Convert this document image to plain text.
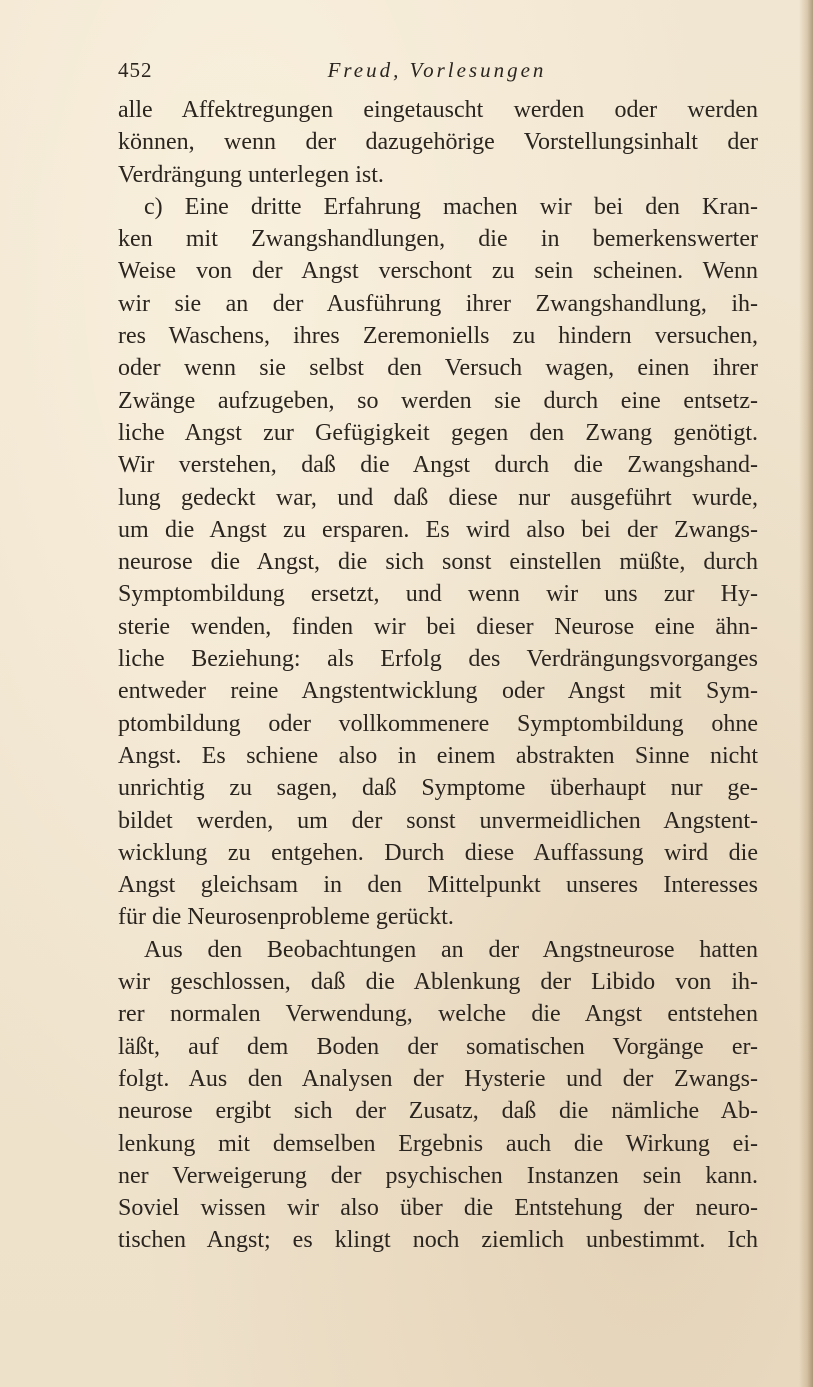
452	Freud, Vorlesungen
alle Affektregungen eingetauscht werden oder werden
können, wenn der dazugehörige Vorstellungsinhalt der
Verdrängung unterlegen ist.
c) Eine dritte Erfahrung machen wir bei den Kran-
ken mit Zwangshandlungen, die in bemerkenswerter
Weise von der Angst verschont zu sein scheinen. Wenn
wir sie an der Ausführung ihrer Zwangshandlung, ih-
res Waschens, ihres Zeremoniells zu hindern versuchen,
oder wenn sie selbst den Versuch wagen, einen ihrer
Zwänge aufzugeben, so werden sie durch eine entsetz-
liche Angst zur Gefügigkeit gegen den Zwang genötigt.
Wir verstehen, daß die Angst durch die Zwangshand-
lung gedeckt war, und daß diese nur ausgeführt wurde,
um die Angst zu ersparen. Es wird also bei der Zwangs-
neurose die Angst, die sich sonst einstellen müßte, durch
Symptombildung ersetzt, und wenn wir uns zur Hy-
sterie wenden, finden wir bei dieser Neurose eine ähn-
liche Beziehung: als Erfolg des Verdrängungsvorganges
entweder reine Angstentwicklung oder Angst mit Sym-
ptombildung oder vollkommenere Symptombildung ohne
Angst. Es schiene also in einem abstrakten Sinne nicht
unrichtig zu sagen, daß Symptome überhaupt nur ge-
bildet werden, um der sonst unvermeidlichen Angstent-
wicklung zu entgehen. Durch diese Auffassung wird die
Angst gleichsam in den Mittelpunkt unseres Interesses
für die Neurosenprobleme gerückt.
Aus den Beobachtungen an der Angstneurose hatten
wir geschlossen, daß die Ablenkung der Libido von ih-
rer normalen Verwendung, welche die Angst entstehen
läßt, auf dem Boden der somatischen Vorgänge er-
folgt. Aus den Analysen der Hysterie und der Zwangs-
neurose ergibt sich der Zusatz, daß die nämliche Ab-
lenkung mit demselben Ergebnis auch die Wirkung ei-
ner Verweigerung der psychischen Instanzen sein kann.
Soviel wissen wir also über die Entstehung der neuro-
tischen Angst; es klingt noch ziemlich unbestimmt. Ich
